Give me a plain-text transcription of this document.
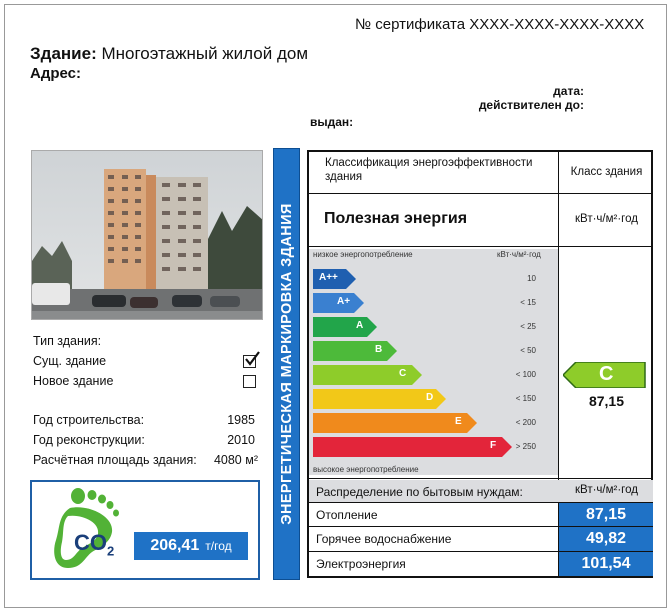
№ сертификата XXXX-XXXX-XXXX-XXXX
Здание: Многоэтажный жилой дом
Адрес:
дата:
действителен до:
выдан:
Тип здания:
Сущ. здание
Новое здание
Год строительства:	1985
Год реконструкции:	2010
Расчётная площадь здания:	4080 м²
$CO_2$ 206,41 т/год
ЭНЕРГЕТИЧЕСКАЯ МАРКИРОВКА ЗДАНИЯ
Классификация энергоэффективности здания	Класс здания
Полезная энергия	кВт·ч/м²·год
низкое энергопотребление	кВт·ч/м²·год
высокое энергопотребление
A++	10
A+	< 15
A	< 25
B	< 50
C	< 100
D	< 150
E	< 200
F	> 250
C
87,15
Распределение по бытовым нуждам:	кВт·ч/м²·год
Отопление	87,15
Горячее водоснабжение	49,82
Электроэнергия	101,54
